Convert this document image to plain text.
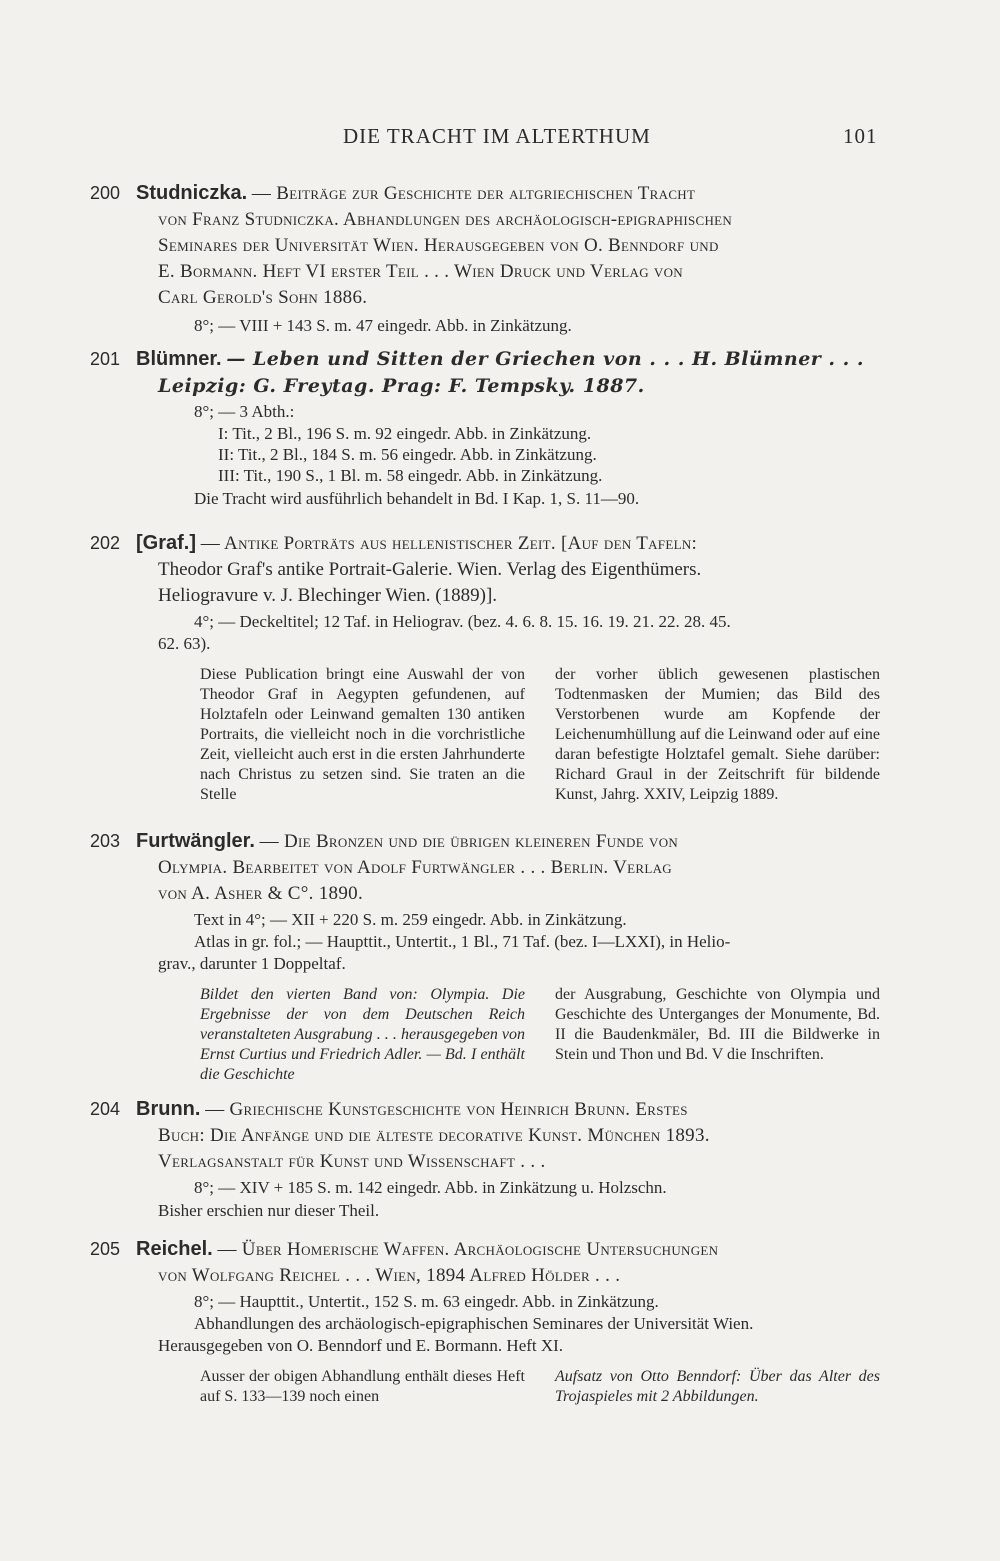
DIE TRACHT IM ALTERTHUM	101
200 Studniczka. — Beiträge zur Geschichte der altgriechischen Tracht
von Franz Studniczka. Abhandlungen des archäologisch-epigraphischen
Seminares der Universität Wien. Herausgegeben von O. Benndorf und
E. Bormann. Heft VI erster Teil . . . Wien Druck und Verlag von
Carl Gerold's Sohn 1886.
8°; — VIII + 143 S. m. 47 eingedr. Abb. in Zinkätzung.
201 Blümner. — Leben und Sitten der Griechen von . . . H. Blümner . . .
Leipzig: G. Freytag. Prag: F. Tempsky. 1887.
8°; — 3 Abth.:
I: Tit., 2 Bl., 196 S. m. 92 eingedr. Abb. in Zinkätzung.
II: Tit., 2 Bl., 184 S. m. 56 eingedr. Abb. in Zinkätzung.
III: Tit., 190 S., 1 Bl. m. 58 eingedr. Abb. in Zinkätzung.
Die Tracht wird ausführlich behandelt in Bd. I Kap. 1, S. 11—90.
202 [Graf.] — Antike Porträts aus hellenistischer Zeit. [Auf den Tafeln:
Theodor Graf's antike Portrait-Galerie. Wien. Verlag des Eigenthümers.
Heliogravure v. J. Blechinger Wien. (1889)].
4°; — Deckeltitel; 12 Taf. in Heliograv. (bez. 4. 6. 8. 15. 16. 19. 21. 22. 28. 45.
62. 63).

Diese Publication bringt eine Auswahl der von Theodor Graf in Aegypten gefundenen, auf Holztafeln oder Leinwand gemalten 130 antiken Portraits, die vielleicht noch in die vorchristliche Zeit, vielleicht auch erst in die ersten Jahrhunderte nach Christus zu setzen sind. Sie traten an die Stelle

der vorher üblich gewesenen plastischen Todtenmasken der Mumien; das Bild des Verstorbenen wurde am Kopfende der Leichenumhüllung auf die Leinwand oder auf eine daran befestigte Holztafel gemalt. Siehe darüber: Richard Graul in der Zeitschrift für bildende Kunst, Jahrg. XXIV, Leipzig 1889.

203 Furtwängler. — Die Bronzen und die übrigen kleineren Funde von
Olympia. Bearbeitet von Adolf Furtwängler . . . Berlin. Verlag
von A. Asher & C°. 1890.
Text in 4°; — XII + 220 S. m. 259 eingedr. Abb. in Zinkätzung.
Atlas in gr. fol.; — Haupttit., Untertit., 1 Bl., 71 Taf. (bez. I—LXXI), in Helio-
grav., darunter 1 Doppeltaf.

Bildet den vierten Band von: Olympia. Die Ergebnisse der von dem Deutschen Reich veranstalteten Ausgrabung . . . herausgegeben von Ernst Curtius und Friedrich Adler. — Bd. I enthält die Geschichte

der Ausgrabung, Geschichte von Olympia und Geschichte des Unterganges der Monumente, Bd. II die Baudenkmäler, Bd. III die Bildwerke in Stein und Thon und Bd. V die Inschriften.

204 Brunn. — Griechische Kunstgeschichte von Heinrich Brunn. Erstes
Buch: Die Anfänge und die älteste decorative Kunst. München 1893.
Verlagsanstalt für Kunst und Wissenschaft . . .
8°; — XIV + 185 S. m. 142 eingedr. Abb. in Zinkätzung u. Holzschn.
Bisher erschien nur dieser Theil.
205 Reichel. — Über Homerische Waffen. Archäologische Untersuchungen
von Wolfgang Reichel . . . Wien, 1894 Alfred Hölder . . .
8°; — Haupttit., Untertit., 152 S. m. 63 eingedr. Abb. in Zinkätzung.
Abhandlungen des archäologisch-epigraphischen Seminares der Universität Wien.
Herausgegeben von O. Benndorf und E. Bormann. Heft XI.

Ausser der obigen Abhandlung enthält dieses Heft auf S. 133—139 noch einen

Aufsatz von Otto Benndorf: Über das Alter des Trojaspieles mit 2 Abbildungen.
